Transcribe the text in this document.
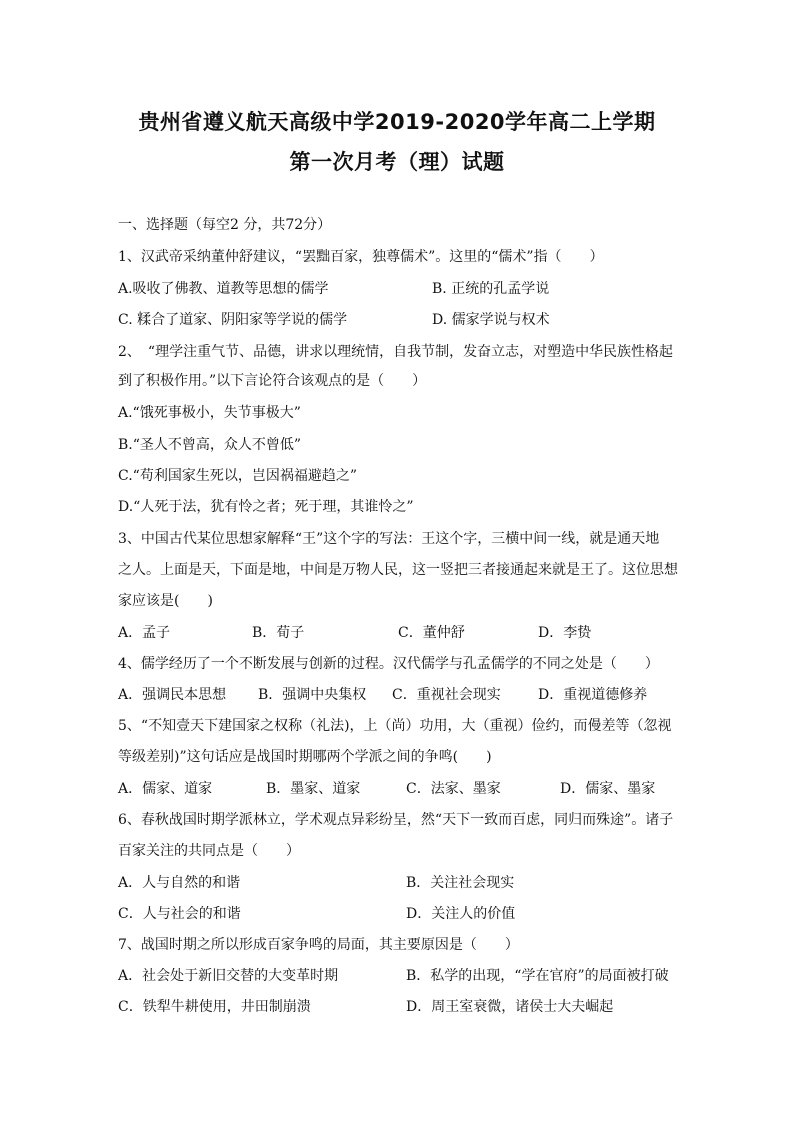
贵州省遵义航天高级中学2019-2020学年高二上学期
第一次月考（理）试题
一、选择题（每空2 分，共72分）
1、汉武帝采纳董仲舒建议，“罢黜百家，独尊儒术”。这里的“儒术”指（　　）
A.吸收了佛教、道教等思想的儒学	B. 正统的孔孟学说
C. 糅合了道家、阴阳家等学说的儒学	D. 儒家学说与权术
2、　“理学注重气节、品德，讲求以理统情，自我节制，发奋立志，对塑造中华民族性格起
到了积极作用。”以下言论符合该观点的是（　　）
A.“饿死事极小，失节事极大”
B.“圣人不曾高，众人不曾低”
C.“苟利国家生死以，岂因祸福避趋之”
D.“人死于法，犹有怜之者；死于理，其谁怜之”
3、中国古代某位思想家解释“王”这个字的写法：王这个字，三横中间一线，就是通天地
之人。上面是天，下面是地，中间是万物人民，这一竖把三者接通起来就是王了。这位思想
家应该是(　　)
A．孟子	B．荀子	C．董仲舒	D．李贽
4、儒学经历了一个不断发展与创新的过程。汉代儒学与孔孟儒学的不同之处是（　　）
A．强调民本思想 B．强调中央集权 C．重视社会现实	D．重视道德修养
5、“不知壹天下建国家之权称（礼法)，上（尚）功用，大（重视）俭约，而僈差等（忽视
等级差别)”这句话应是战国时期哪两个学派之间的争鸣(　　)
A．儒家、道家	B．墨家、道家	C．法家、墨家	D．儒家、墨家
6、春秋战国时期学派林立，学术观点异彩纷呈，然“天下一致而百虑，同归而殊途”。诸子
百家关注的共同点是（　　）
A．人与自然的和谐	B．关注社会现实
C．人与社会的和谐	D．关注人的价值
7、战国时期之所以形成百家争鸣的局面，其主要原因是（　　）
A．社会处于新旧交替的大变革时期	B．私学的出现，“学在官府”的局面被打破
C．铁犁牛耕使用，井田制崩溃	D．周王室衰微，诸侯士大夫崛起
